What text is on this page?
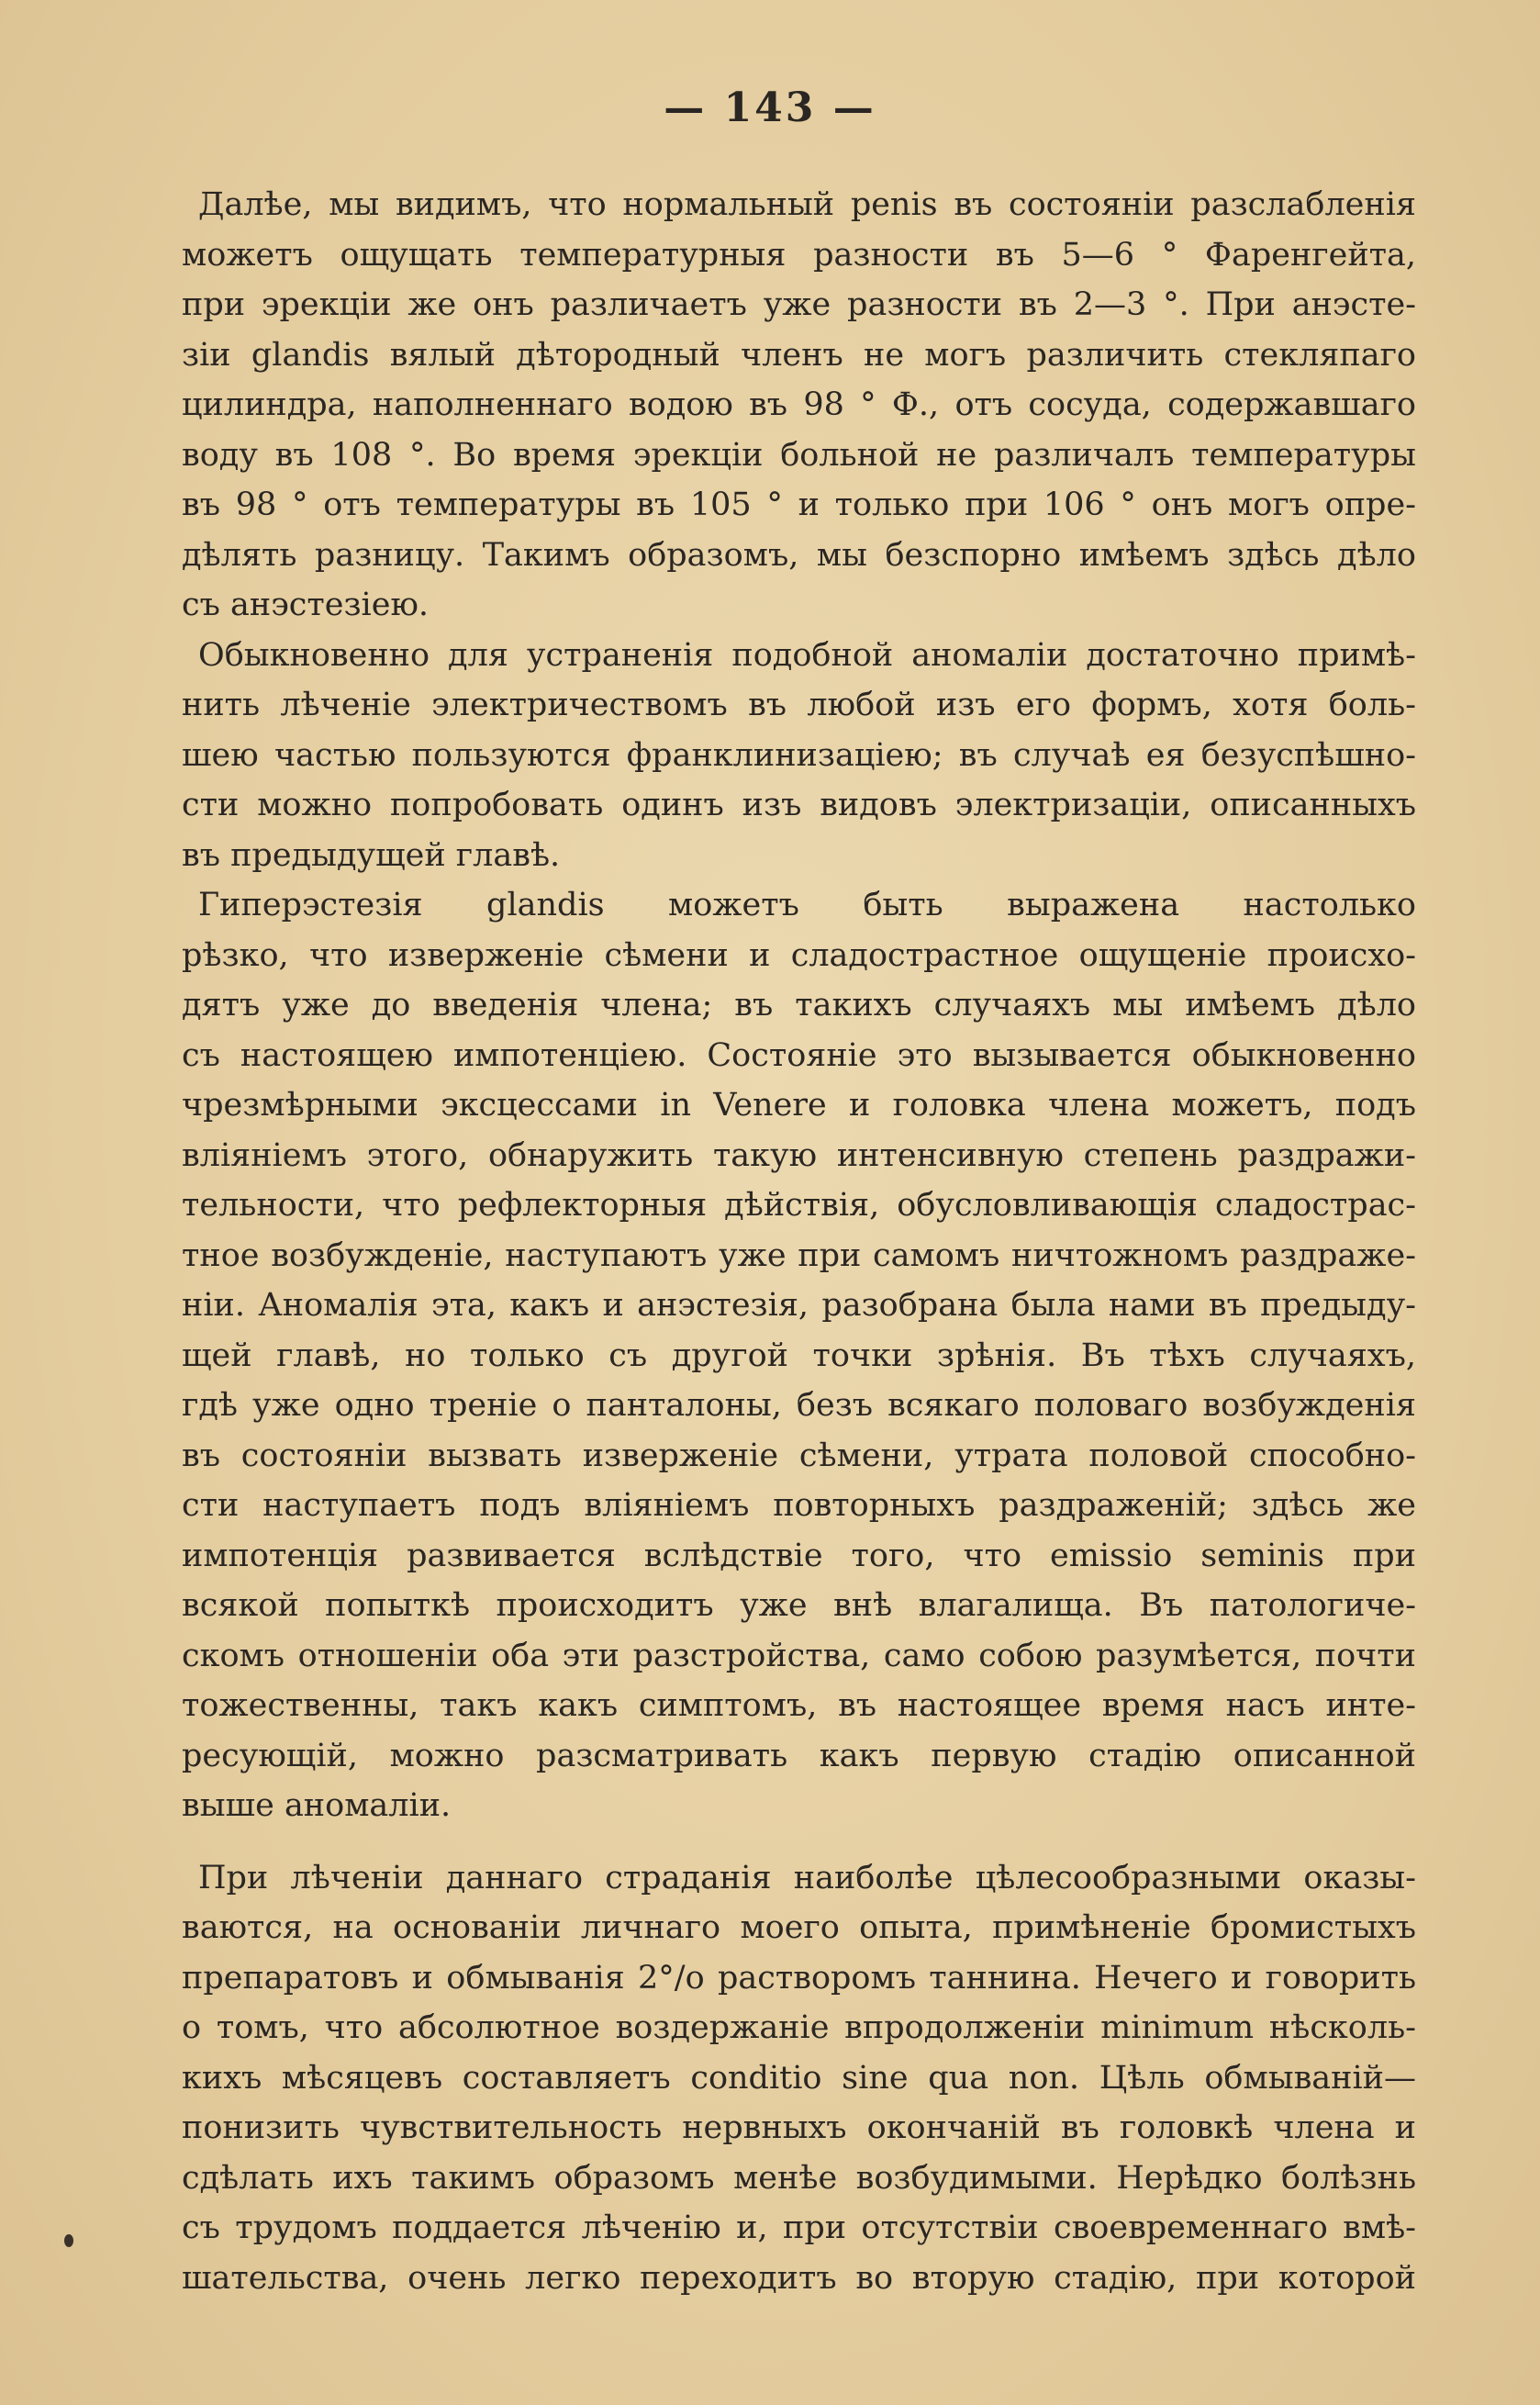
— 143 —
Далѣе, мы видимъ, что нормальный penis въ состояніи разслабленія
можетъ ощущать температурныя разности въ 5—6 ° Фаренгейта,
при эрекціи же онъ различаетъ уже разности въ 2—3 °. При анэсте-
зіи glandis вялый дѣтородный членъ не могъ различить стекляпаго
цилиндра, наполненнаго водою въ 98 ° Ф., отъ сосуда, содержавшаго
воду въ 108 °. Во время эрекціи больной не различалъ температуры
въ 98 ° отъ температуры въ 105 ° и только при 106 ° онъ могъ опре-
дѣлять разницу. Такимъ образомъ, мы безспорно имѣемъ здѣсь дѣло
съ анэстезіею.
Обыкновенно для устраненія подобной аномаліи достаточно примѣ-
нить лѣченіе электричествомъ въ любой изъ его формъ, хотя боль-
шею частью пользуются франклинизаціею; въ случаѣ ея безуспѣшно-
сти можно попробовать одинъ изъ видовъ электризаціи, описанныхъ
въ предыдущей главѣ.
Гиперэстезія glandis можетъ быть выражена настолько
рѣзко, что изверженіе сѣмени и сладострастное ощущеніе происхо-
дятъ уже до введенія члена; въ такихъ случаяхъ мы имѣемъ дѣло
съ настоящею импотенціею. Состояніе это вызывается обыкновенно
чрезмѣрными эксцессами in Venere и головка члена можетъ, подъ
вліяніемъ этого, обнаружить такую интенсивную степень раздражи-
тельности, что рефлекторныя дѣйствія, обусловливающія сладострас-
тное возбужденіе, наступаютъ уже при самомъ ничтожномъ раздраже-
ніи. Аномалія эта, какъ и анэстезія, разобрана была нами въ предыду-
щей главѣ, но только съ другой точки зрѣнія. Въ тѣхъ случаяхъ,
гдѣ уже одно треніе о панталоны, безъ всякаго половаго возбужденія
въ состояніи вызвать изверженіе сѣмени, утрата половой способно-
сти наступаетъ подъ вліяніемъ повторныхъ раздраженій; здѣсь же
импотенція развивается вслѣдствіе того, что emissio seminis при
всякой попыткѣ происходитъ уже внѣ влагалища. Въ патологиче-
скомъ отношеніи оба эти разстройства, само собою разумѣется, почти
тожественны, такъ какъ симптомъ, въ настоящее время насъ инте-
ресующій, можно разсматривать какъ первую стадію описанной
выше аномаліи.
При лѣченіи даннаго страданія наиболѣе цѣлесообразными оказы-
ваются, на основаніи личнаго моего опыта, примѣненіе бромистыхъ
препаратовъ и обмыванія 2°/о растворомъ таннина. Нечего и говорить
о томъ, что абсолютное воздержаніе впродолженіи minimum нѣсколь-
кихъ мѣсяцевъ составляетъ conditio sine qua non. Цѣль обмываній—
понизить чувствительность нервныхъ окончаній въ головкѣ члена и
сдѣлать ихъ такимъ образомъ менѣе возбудимыми. Нерѣдко болѣзнь
съ трудомъ поддается лѣченію и, при отсутствіи своевременнаго вмѣ-
шательства, очень легко переходитъ во вторую стадію, при которой
